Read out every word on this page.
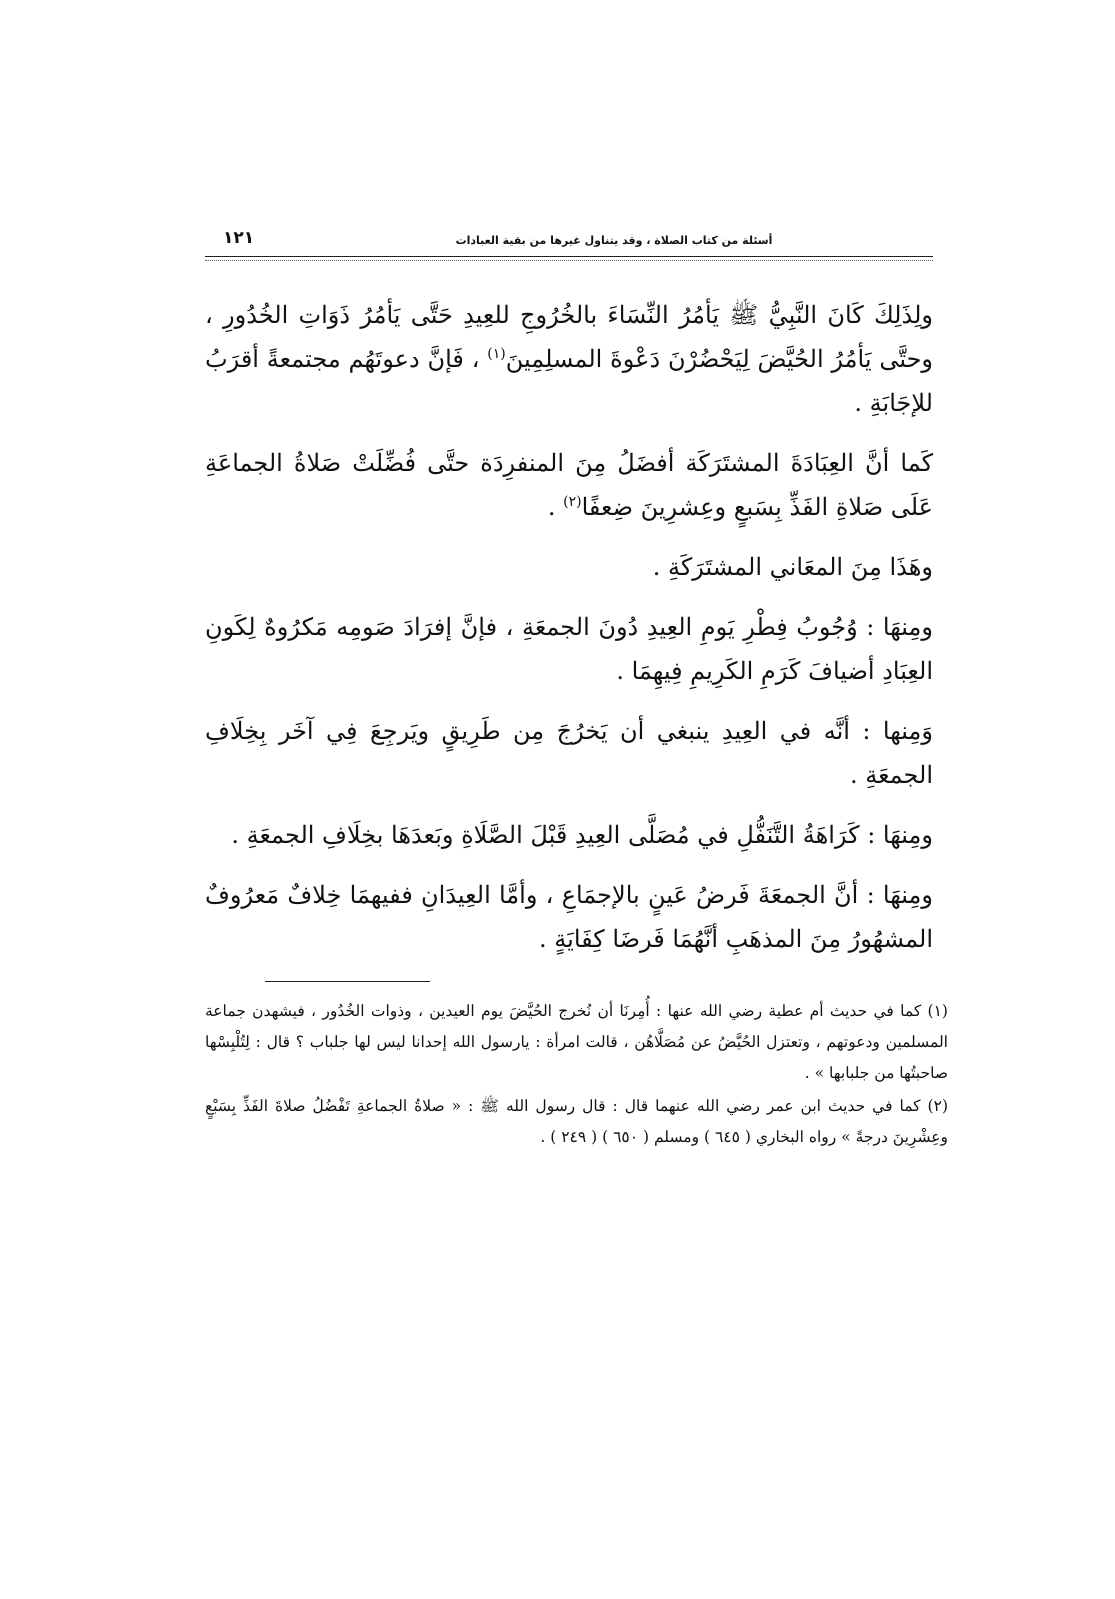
أسئلة من كتاب الصلاة ، وقد يتناول غيرها من بقية العبادات
١٢١

ولِذَلِكَ كَانَ النَّبِيُّ ﷺ يَأمُرُ النِّسَاءَ بالخُرُوجِ للعِيدِ حَتَّى يَأمُرُ ذَوَاتِ الخُدُورِ ، وحتَّى يَأمُرُ الحُيَّضَ لِيَحْضُرْنَ دَعْوةَ المسلِمِينَ$^{(١)}$ ، فَإنَّ دعوتَهُم مجتمعةً أقرَبُ للإجَابَةِ .

كَما أنَّ العِبَادَةَ المشتَرَكَة أفضَلُ مِنَ المنفرِدَة حتَّى فُضِّلَتْ صَلاةُ الجماعَةِ عَلَى صَلاةِ الفَذِّ بِسَبعٍ وعِشرِينَ ضِعفًا$^{(٢)}$ .

وهَذَا مِنَ المعَاني المشتَرَكَةِ .

ومِنهَا : وُجُوبُ فِطْرِ يَومِ العِيدِ دُونَ الجمعَةِ ، فإنَّ إفرَادَ صَومِه مَكرُوهٌ لِكَونِ العِبَادِ أضيافَ كَرَمِ الكَرِيمِ فِيهِمَا .

وَمِنها : أنَّه في العِيدِ ينبغي أن يَخرُجَ مِن طَرِيقٍ ويَرجِعَ فِي آخَر بِخِلَافِ الجمعَةِ .

ومِنهَا : كَرَاهَةُ التَّنَفُّلِ في مُصَلَّى العِيدِ قَبْلَ الصَّلَاةِ وبَعدَهَا بخِلَافِ الجمعَةِ .

ومِنهَا : أنَّ الجمعَةَ فَرضُ عَينٍ بالإجمَاعِ ، وأمَّا العِيدَانِ ففيهمَا خِلافٌ مَعرُوفٌ المشهُورُ مِنَ المذهَبِ أنَّهُمَا فَرضَا كِفَايَةٍ .

(١) كما في حديث أم عطية رضي الله عنها : أُمِرنَا أن نُخرج الحُيَّضَ يوم العيدين ، وذوات الخُدُور ، فيشهدن جماعة المسلمين ودعوتهم ، وتعتزل الحُيَّضُ عن مُصَلَّاهُن ، قالت امرأة : يارسول الله إحدانا ليس لها جلباب ؟ قال : لِتُلْبِسْها صاحبتُها من جلبابها » .

(٢) كما في حديث ابن عمر رضي الله عنهما قال : قال رسول الله ﷺ : « صلاةُ الجماعةِ تَفْضُلُ صلاةَ الفَذِّ بِسَبْعٍ وعِشْرِينَ درجةً » رواه البخاري ( ٦٤٥ ) ومسلم ( ٦٥٠ ) ( ٢٤٩ ) .
